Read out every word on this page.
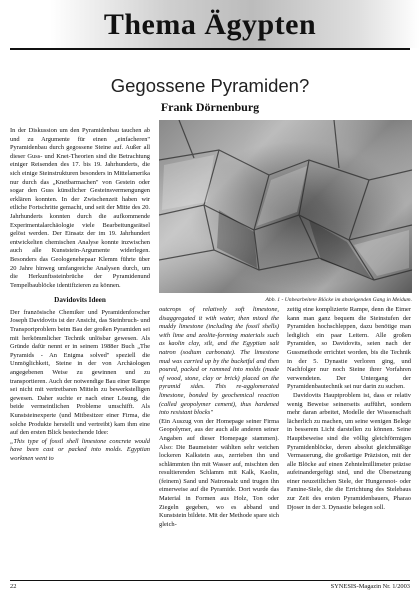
Thema Ägypten
Gegossene Pyramiden?
Frank Dörnenburg

In der Diskussion um den Pyramidenbau tauchen ab und zu Argumente für einen „einfacheren" Pyramidenbau durch gegossene Steine auf. Außer all dieser Guss- und Knet-Theorien sind die Betrachtung einiger Reisenden des 17. bis 19. Jahrhunderts, die sich einige Steinstrukturen besonders in Mittelamerika nur durch das „Knetbarmachen" von Gestein oder sogar den Guss künstlicher Gesteinsvermengungen erklären konnten. In der Zwischenzeit haben wir etliche Fortschritte gemacht, und seit der Mitte des 20. Jahrhunderts konnten durch die aufkommende Experimentalarchäologie viele Bearbeitungsrätsel gelöst werden. Der Einsatz der im 19. Jahrhundert entwickelten chemischen Analyse konnte inzwischen auch alle Kunststein-Argumente widerlegen. Besonders das Geologenehepaar Klemm führte über 20 Jahre hinweg umfangreiche Analysen durch, um die Herkunftssteinbrüche der Pyramidenund Tempelbaublöcke identifizieren zu können.

Davidovits Ideen

Der französische Chemiker und Pyramidenforscher Joseph Davidovits ist der Ansicht, das Steinbruch- und Transportproblem beim Bau der großen Pyramiden sei mit herkömmlicher Technik unlösbar gewesen. Als Gründe dafür nennt er in seinem 1988er Buch „The Pyramids - An Enigma solved" speziell die Unmöglichkeit, Steine in der von Archäologen angegebenen Weise zu gewinnen und zu transportieren. Auch der notwendige Bau einer Rampe sei nicht mit vertretbaren Mitteln zu bewerkstelligen gewesen. Daher suchte er nach einer Lösung, die beide vermeintlichen Probleme umschifft. Als Kunststeinexperte (und Mitbesitzer einer Firma, die solche Produkte herstellt und vertreibt) kam ihm eine auf den ersten Blick bestechende Idee:

„This type of fossil shell limestone concrete would have been cast or packed into molds. Egyptian workmen went to

Abb. 1 - Unbearbeitete Blöcke im absteigenden Gang in Meidum.

outcrops of relatively soft limestone, disaggregated it with water, then mixed the muddy limestone (including the fossil shells) with lime and zeolite-forming materials such as kaolin clay, silt, and the Egyptian salt natron (sodium carbonate). The limestone mud was carried up by the bucketful and then poured, packed or rammed into molds (made of wood, stone, clay or brick) placed on the pyramid sides. This re-agglomerated limestone, bonded by geochemical reaction (called geopolymer cement), thus hardened into resistant blocks"

(Ein Auszug von der Homepage seiner Firma Geopolymer, aus der auch alle anderen seiner Angaben auf dieser Homepage stammen). Also: Die Baumeister wählten sehr weichen lockeren Kalkstein aus, zerrieben ihn und schlämmten ihn mit Wasser auf, mischten den resultierenden Schlamm mit Kalk, Kaolin, (feinem) Sand und Natronsalz und trugen ihn eimerweise auf die Pyramide. Dort wurde das Material in Formen aus Holz, Ton oder Ziegeln gegeben, wo es abband und Kunststein bildete. Mit der Methode spare sich gleich-

zeitig eine komplizierte Rampe, denn die Eimer kann man ganz bequem die Steinstufen der Pyramiden hochschleppen, dazu benötige man lediglich ein paar Leitern. Alle großen Pyramiden, so Davidovits, seien nach der Gussmethode errichtet worden, bis die Technik in der 5. Dynastie verloren ging, und Nachfolger nur noch Steine ihrer Vorfahren verwendeten. Der Untergang der Pyramidenbautechnik sei nur darin zu suchen.

Davidovits Hauptproblem ist, dass er relativ wenig Beweise seinerseits aufführt, sondern mehr daran arbeitet, Modelle der Wissenschaft lächerlich zu machen, um seine wenigen Belege in besserem Licht darstellen zu können. Seine Hauptbeweise sind die völlig gleichförmigen Pyramidenblöcke, deren absolut gleichmäßige Vermauerung, die großartige Präzision, mit der alle Blöcke auf einen Zehntelmillimeter präzise aufeinandergefügt sind, und die Übersetzung einer neuzeitlichen Stele, der Hungersnot- oder Famine-Stele, die die Errichtung des Stelebaus zur Zeit des ersten Pyramidenbauers, Pharao Djoser in der 3. Dynastie belegen soll.

22	SYNESIS-Magazin Nr. 1/2003
